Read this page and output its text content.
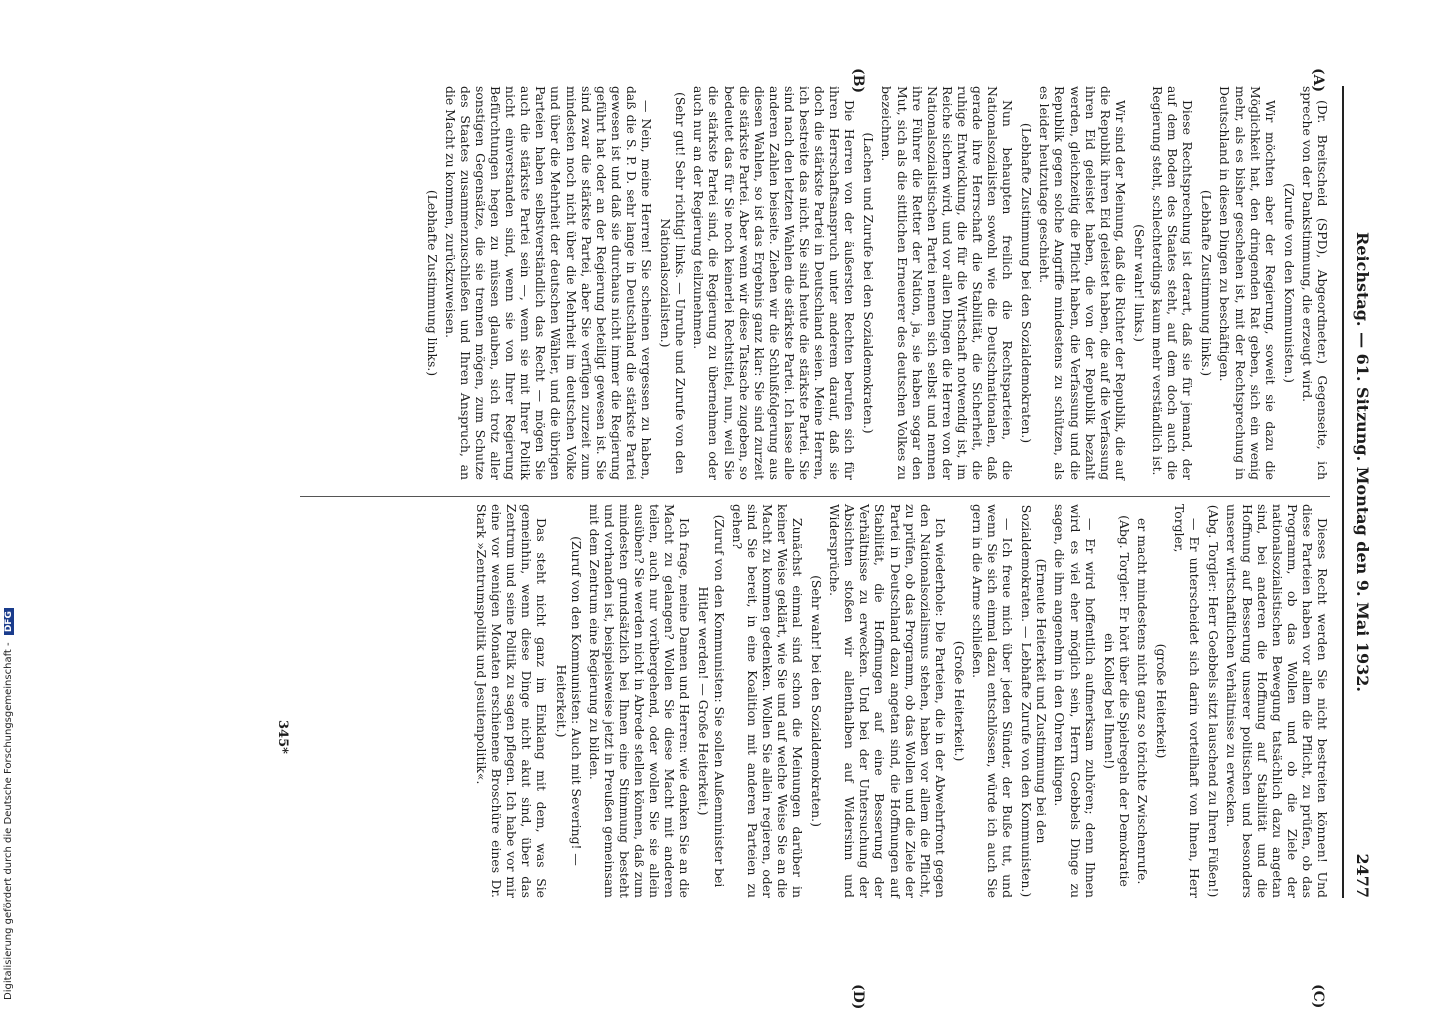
Reichstag. — 61. Sitzung. Montag den 9. Mai 1932.
2477
(A)
(B)
(C)
(D)

(Dr. Breitscheid (SPD), Abgeordneter.) Gegenseite, ich spreche von der Dankstimmung, die erzeugt wird.

(Zurufe von den Kommunisten.)

Wir möchten aber der Regierung, soweit sie dazu die Möglichkeit hat, den dringenden Rat geben, sich ein wenig mehr, als es bisher geschehen ist, mit der Rechtsprechung in Deutschland in diesen Dingen zu beschäftigen.

(Lebhafte Zustimmung links.)

Diese Rechtsprechung ist derart, daß sie für jemand, der auf dem Boden des Staates steht, auf dem doch auch die Regierung steht, schlechterdings kaum mehr verständlich ist.

(Sehr wahr! links.)

Wir sind der Meinung, daß die Richter der Republik, die auf die Republik ihren Eid geleistet haben, die auf die Verfassung ihren Eid geleistet haben, die von der Republik bezahlt werden, gleichzeitig die Pflicht haben, die Verfassung und die Republik gegen solche Angriffe mindestens zu schützen, als es leider heutzutage geschieht.

(Lebhafte Zustimmung bei den Sozialdemokraten.)

Nun behaupten freilich die Rechtsparteien, die Nationalsozialisten sowohl wie die Deutschnationalen, daß gerade ihre Herrschaft die Stabilität, die Sicherheit, die ruhige Entwicklung, die für die Wirtschaft notwendig ist, im Reiche sichern wird, und vor allen Dingen die Herren von der Nationalsozialistischen Partei nennen sich selbst und nennen ihre Führer die Retter der Nation, ja, sie haben sogar den Mut, sich als die sittlichen Erneuerer des deutschen Volkes zu bezeichnen.

(Lachen und Zurufe bei den Sozialdemokraten.)

Die Herren von der äußersten Rechten berufen sich für ihren Herrschaftsanspruch unter anderem darauf, daß sie doch die stärkste Partei in Deutschland seien. Meine Herren, ich bestreite das nicht. Sie sind heute die stärkste Partei. Sie sind nach den letzten Wahlen die stärkste Partei. Ich lasse alle anderen Zahlen beiseite. Ziehen wir die Schlußfolgerung aus diesen Wahlen, so ist das Ergebnis ganz klar: Sie sind zurzeit die stärkste Partei. Aber wenn wir diese Tatsache zugeben, so bedeutet das für Sie noch keinerlei Rechtstitel, nun, weil Sie die stärkste Partei sind, die Regierung zu übernehmen oder auch nur an der Regierung teilzunehmen.

(Sehr gut! Sehr richtig! links. — Unruhe und Zurufe von den Nationalsozialisten.)

— Nein, meine Herren! Sie scheinen vergessen zu haben, daß die S. P. D. sehr lange in Deutschland die stärkste Partei gewesen ist und daß sie durchaus nicht immer die Regierung geführt hat oder an der Regierung beteiligt gewesen ist. Sie sind zwar die stärkste Partei, aber Sie verfügen zurzeit zum mindesten noch nicht über die Mehrheit im deutschen Volke und über die Mehrheit der deutschen Wähler, und die übrigen Parteien haben selbstverständlich das Recht — mögen Sie auch die stärkste Partei sein —, wenn sie mit Ihrer Politik nicht einverstanden sind, wenn sie von Ihrer Regierung Befürchtungen hegen zu müssen glauben, sich trotz aller sonstigen Gegensätze, die sie trennen mögen, zum Schutze des Staates zusammenzuschließen und Ihren Anspruch, an die Macht zu kommen, zurückzuweisen.

(Lebhafte Zustimmung links.)

Dieses Recht werden Sie nicht bestreiten können! Und diese Parteien haben vor allem die Pflicht, zu prüfen, ob das Programm, ob das Wollen und ob die Ziele der nationalsozialistischen Bewegung tatsächlich dazu angetan sind, bei anderen die Hoffnung auf Stabilität und die Hoffnung auf Besserung unserer politischen und besonders unserer wirtschaftlichen Verhältnisse zu erwecken.

(Abg. Torgler: Herr Goebbels sitzt lauschend zu Ihren Füßen!)

— Er unterscheidet sich darin vorteilhaft von Ihnen, Herr Torgler,

(große Heiterkeit)

er macht mindestens nicht ganz so törichte Zwischenrufe.

(Abg. Torgler: Er hört über die Spielregeln der Demokratie ein Kolleg bei Ihnen!)

— Er wird hoffentlich aufmerksam zuhören; denn Ihnen wird es viel eher möglich sein, Herrn Goebbels Dinge zu sagen, die ihm angenehm in den Ohren klingen.

(Erneute Heiterkeit und Zustimmung bei den Sozialdemokraten. — Lebhafte Zurufe von den Kommunisten.)

— Ich freue mich über jeden Sünder, der Buße tut, und wenn Sie sich einmal dazu entschlössen, würde ich auch Sie gern in die Arme schließen.

(Große Heiterkeit.)

Ich wiederhole: Die Parteien, die in der Abwehrfront gegen den Nationalsozialismus stehen, haben vor allem die Pflicht, zu prüfen, ob das Programm, ob das Wollen und die Ziele der Partei in Deutschland dazu angetan sind, die Hoffnungen auf Stabilität, die Hoffnungen auf eine Besserung der Verhältnisse zu erwecken. Und bei der Untersuchung der Absichten stoßen wir allenthalben auf Widersinn und Widersprüche.

(Sehr wahr! bei den Sozialdemokraten.)

Zunächst einmal sind schon die Meinungen darüber in keiner Weise geklärt, wie Sie und auf welche Weise Sie an die Macht zu kommen gedenken. Wollen Sie allein regieren, oder sind Sie bereit, in eine Koalition mit anderen Parteien zu gehen?

(Zuruf von den Kommunisten: Sie sollen Außenminister bei Hitler werden! — Große Heiterkeit.)

Ich frage, meine Damen und Herren: wie denken Sie an die Macht zu gelangen? Wollen Sie diese Macht mit anderen teilen, auch nur vorübergehend, oder wollen Sie sie allein ausüben? Sie werden nicht in Abrede stellen können, daß zum mindesten grundsätzlich bei Ihnen eine Stimmung besteht und vorhanden ist, beispielsweise jetzt in Preußen gemeinsam mit dem Zentrum eine Regierung zu bilden.

(Zuruf von den Kommunisten: Auch mit Severing! — Heiterkeit.)

Das steht nicht ganz im Einklang mit dem, was Sie gemeinhin, wenn diese Dinge nicht akut sind, über das Zentrum und seine Politik zu sagen pflegen. Ich habe vor mir eine vor wenigen Monaten erschienene Broschüre eines Dr. Stark »Zentrumspolitik und Jesuitenpolitik«.

345*
Digitalisierung gefördert durch die Deutsche Forschungsgemeinschaft - DFG
